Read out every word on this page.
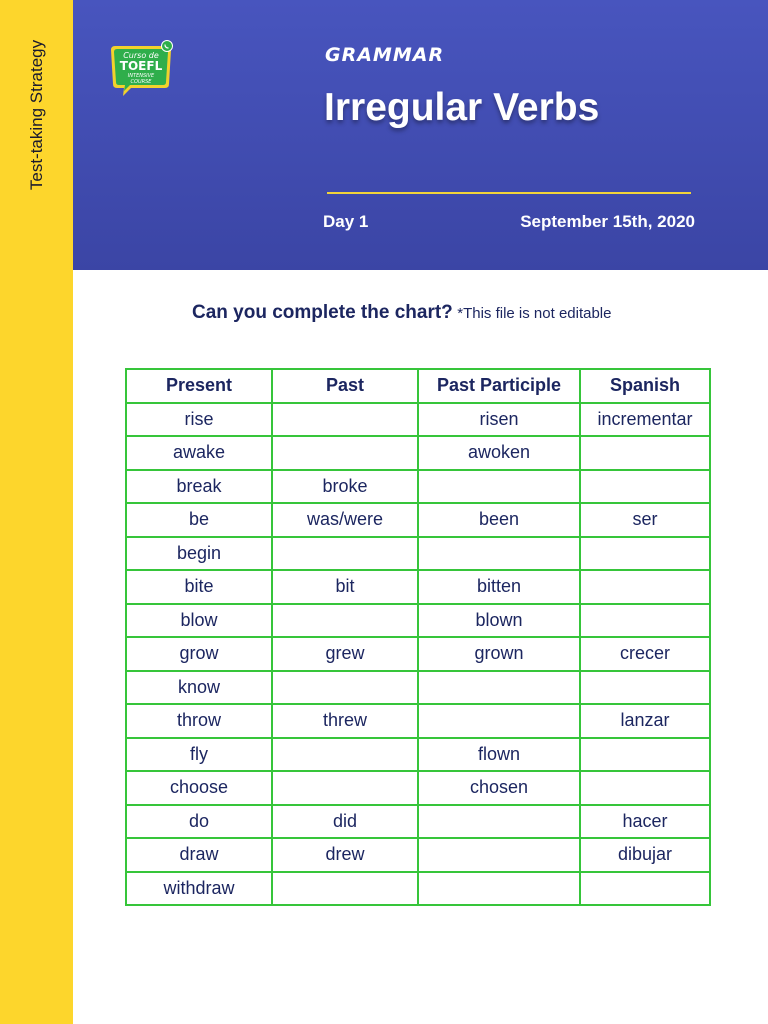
Test-taking Strategy	Curso de
TOEFL
INTENSIVE
COURSE
GRAMMAR
Irregular Verbs
Day 1	September 15th, 2020
Can you complete the chart? *This file is not editable
Present	Past	Past Participle	Spanish
rise		risen	incrementar
awake		awoken	
break	broke		
be	was/were	been	ser
begin			
bite	bit	bitten	
blow		blown	
grow	grew	grown	crecer
know			
throw	threw		lanzar
fly		flown	
choose		chosen	
do	did		hacer
draw	drew		dibujar
withdraw			
